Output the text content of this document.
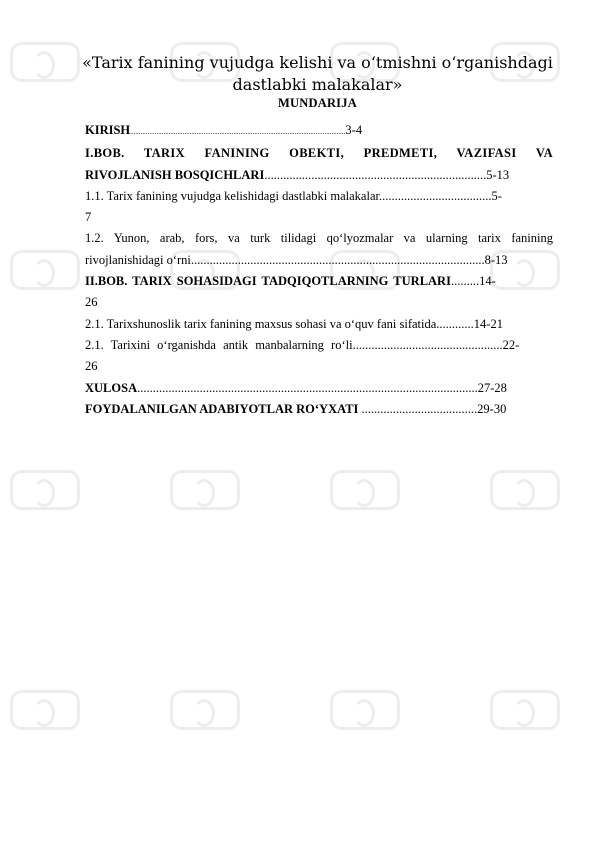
«Tarix fanining vujudga kelishi va o‘tmishni o‘rganishdagi
dastlabki malakalar»
MUNDARIJA
KIRISH...........................................................................................................................3-4
I.BOB. TARIX FANINING OBEKTI, PREDMETI, VAZIFASI VA
RIVOJLANISH BOSQICHLARI.......................................................................5-13
1.1. Tarix fanining vujudga kelishidagi dastlabki malakalar....................................5-
7
1.2. Yunon, arab, fors, va turk tilidagi qo‘lyozmalar va ularning tarix fanining
rivojlanishidagi o‘rni..............................................................................................8-13
II.BOB. TARIX SOHASIDAGI TADQIQOTLARNING TURLARI.........14-
26
2.1. Tarixshunoslik tarix fanining maxsus sohasi va o‘quv fani sifatida............14-21
2.1. Tarixini o‘rganishda antik manbalarning ro‘li................................................22-
26
XULOSA.............................................................................................................27-28
FOYDALANILGAN ADABIYOTLAR RO‘YXATI .....................................29-30
